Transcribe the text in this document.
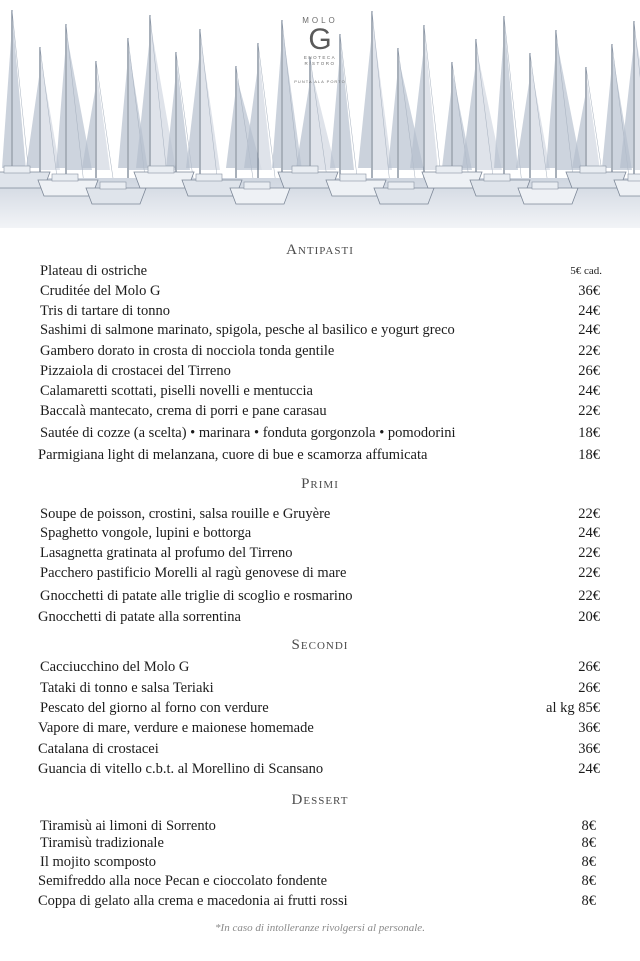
MOLO
G
ENOTECA
RISTORO
PUNTA ALA PORTO
Antipasti
Plateau di ostriche	5€ cad.
Cruditée del Molo G	36€
Tris di tartare di tonno	24€
Sashimi di salmone marinato, spigola, pesche al basilico e yogurt greco	24€
Gambero dorato in crosta di nocciola tonda gentile	22€
Pizzaiola di crostacei del Tirreno	26€
Calamaretti scottati, piselli novelli e mentuccia	24€
Baccalà mantecato, crema di porri e pane carasau	22€
Sautée di cozze (a scelta) • marinara • fonduta gorgonzola • pomodorini	18€
Parmigiana light di melanzana, cuore di bue e scamorza affumicata	18€
Primi
Soupe de poisson, crostini, salsa rouille e Gruyère	22€
Spaghetto vongole, lupini e bottorga	24€
Lasagnetta gratinata al profumo del Tirreno	22€
Pacchero pastificio Morelli al ragù genovese di mare	22€
Gnocchetti di patate alle triglie di scoglio e rosmarino	22€
Gnocchetti di patate alla sorrentina	20€
Secondi
Cacciucchino del Molo G	26€
Tataki di tonno e salsa Teriaki	26€
Pescato del giorno al forno con verdure	al kg 85€
Vapore di mare, verdure e maionese homemade	36€
Catalana di crostacei	36€
Guancia di vitello c.b.t. al Morellino di Scansano	24€
Dessert
Tiramisù ai limoni di Sorrento	8€
Tiramisù tradizionale	8€
Il mojito scomposto	8€
Semifreddo alla noce Pecan e cioccolato fondente	8€
Coppa di gelato alla crema e macedonia ai frutti rossi	8€
*In caso di intolleranze rivolgersi al personale.
